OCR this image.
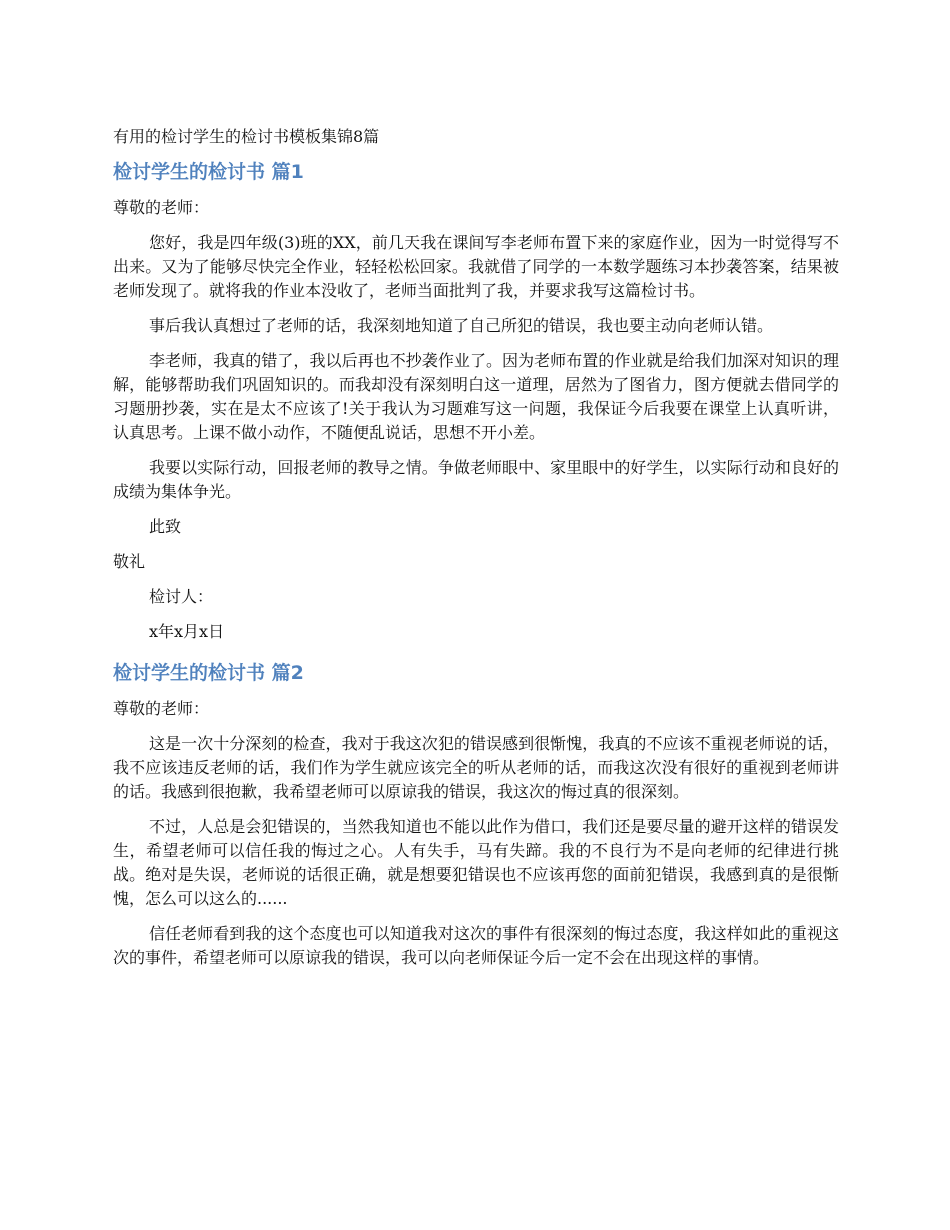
有用的检讨学生的检讨书模板集锦8篇
检讨学生的检讨书 篇1

尊敬的老师：

您好，我是四年级(3)班的XX，前几天我在课间写李老师布置下来的家庭作业，因为一时觉得写不出来。又为了能够尽快完全作业，轻轻松松回家。我就借了同学的一本数学题练习本抄袭答案，结果被老师发现了。就将我的作业本没收了，老师当面批判了我，并要求我写这篇检讨书。

事后我认真想过了老师的话，我深刻地知道了自己所犯的错误，我也要主动向老师认错。

李老师，我真的错了，我以后再也不抄袭作业了。因为老师布置的作业就是给我们加深对知识的理解，能够帮助我们巩固知识的。而我却没有深刻明白这一道理，居然为了图省力，图方便就去借同学的习题册抄袭，实在是太不应该了!关于我认为习题难写这一问题，我保证今后我要在课堂上认真听讲，认真思考。上课不做小动作，不随便乱说话，思想不开小差。

我要以实际行动，回报老师的教导之情。争做老师眼中、家里眼中的好学生，以实际行动和良好的成绩为集体争光。

此致

敬礼

检讨人：

x年x月x日

检讨学生的检讨书 篇2

尊敬的老师：

这是一次十分深刻的检查，我对于我这次犯的错误感到很惭愧，我真的不应该不重视老师说的话，我不应该违反老师的话，我们作为学生就应该完全的听从老师的话，而我这次没有很好的重视到老师讲的话。我感到很抱歉，我希望老师可以原谅我的错误，我这次的悔过真的很深刻。

不过，人总是会犯错误的，当然我知道也不能以此作为借口，我们还是要尽量的避开这样的错误发生，希望老师可以信任我的悔过之心。人有失手，马有失蹄。我的不良行为不是向老师的纪律进行挑战。绝对是失误，老师说的话很正确，就是想要犯错误也不应该再您的面前犯错误，我感到真的是很惭愧，怎么可以这么的......

信任老师看到我的这个态度也可以知道我对这次的事件有很深刻的悔过态度，我这样如此的重视这次的事件，希望老师可以原谅我的错误，我可以向老师保证今后一定不会在出现这样的事情。
